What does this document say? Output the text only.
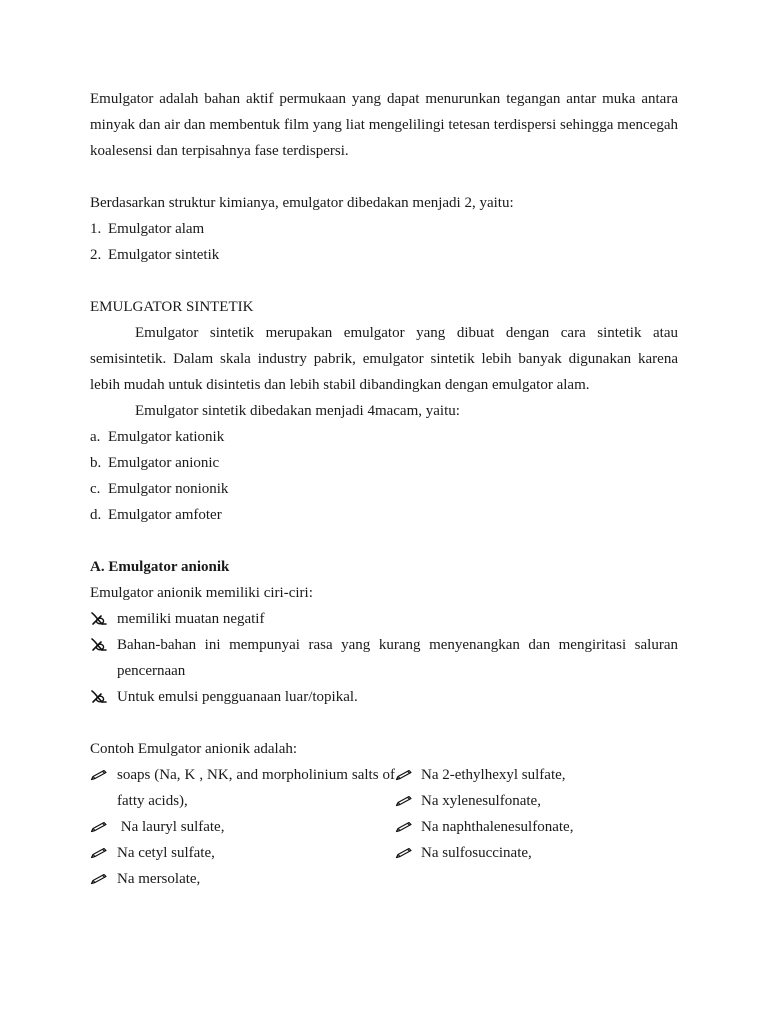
Emulgator adalah bahan aktif permukaan yang dapat menurunkan tegangan antar muka antara minyak dan air dan membentuk film yang liat mengelilingi tetesan terdispersi sehingga mencegah koalesensi dan terpisahnya fase terdispersi.

Berdasarkan struktur kimianya, emulgator dibedakan menjadi 2, yaitu:
1. Emulgator alam
2. Emulgator sintetik
EMULGATOR SINTETIK

Emulgator sintetik merupakan emulgator yang dibuat dengan cara sintetik atau semisintetik. Dalam skala industry pabrik, emulgator sintetik lebih banyak digunakan karena lebih mudah untuk disintetis dan lebih stabil dibandingkan dengan emulgator alam.

Emulgator sintetik dibedakan menjadi 4macam, yaitu:

a. Emulgator kationik
b. Emulgator anionic
c. Emulgator nonionik
d. Emulgator amfoter
A. Emulgator anionik
Emulgator anionik memiliki ciri-ciri:
memiliki muatan negatif
Bahan-bahan ini mempunyai rasa yang kurang menyenangkan dan mengiritasi saluran pencernaan
Untuk emulsi pengguanaan luar/topikal.
Contoh Emulgator anionik adalah:
soaps (Na, K , NK, and morpholinium salts of fatty acids),
Na lauryl sulfate,
Na cetyl sulfate,
Na mersolate,
Na 2-ethylhexyl sulfate,
Na xylenesulfonate,
Na naphthalenesulfonate,
Na sulfosuccinate,
